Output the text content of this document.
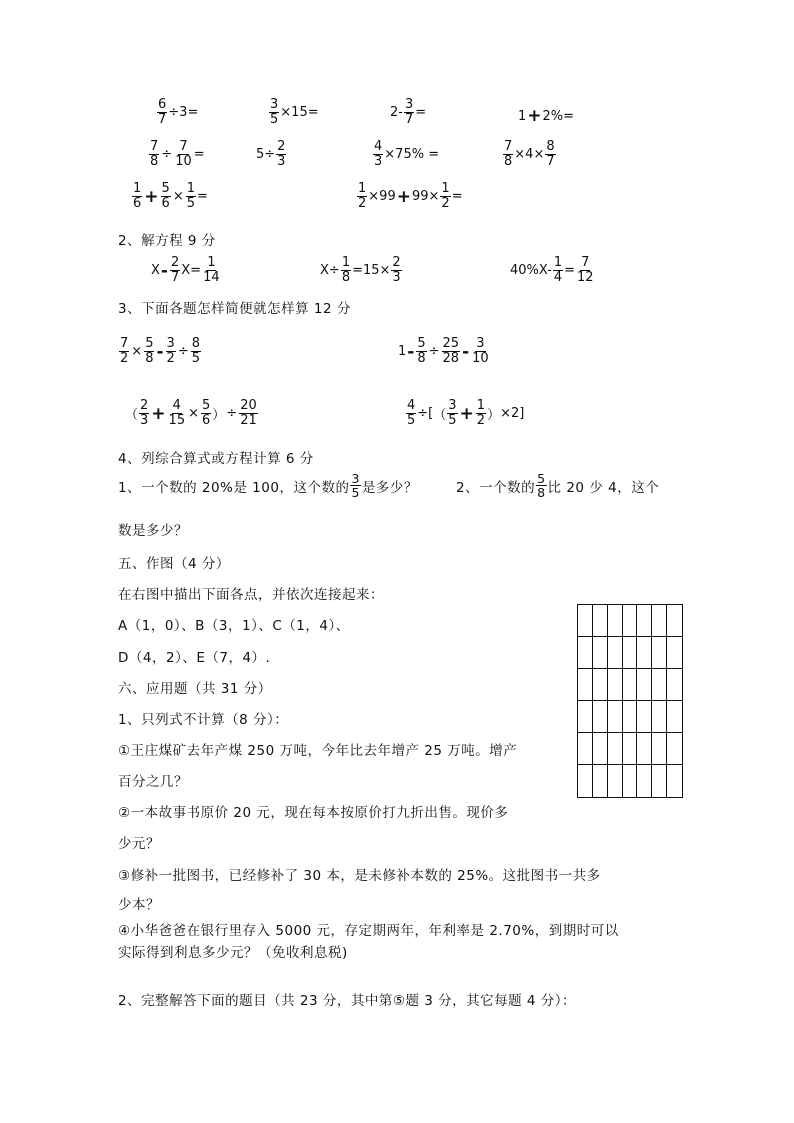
$\frac{6}{7} \div 3=$	$\frac{3}{5} \times 15=$	$2- \frac{3}{7}$ =	1 + 2%=
$\frac{7}{8} \div \frac{7}{10}$ =	$5\div \frac{2}{3}$	$\frac{4}{3} \times 75\%$ =	$\frac{7}{8} \times 4\times \frac{8}{7}$
$\frac{1}{6} + \frac{5}{6} \times \frac{1}{5}$ =	$\frac{1}{2} \times 99 + 99\times \frac{1}{2}$ =
2、解方程 9 分
$X - \frac{2}{7} X= \frac{1}{14}$	$X\div \frac{1}{8} =15\times \frac{2}{3}$	$40\%X- \frac{1}{4} = \frac{7}{12}$
3、下面各题怎样简便就怎样算 12 分
$\frac{7}{2} \times \frac{5}{8} - \frac{3}{2} \div \frac{8}{5}$	$1 - \frac{5}{8} \div \frac{25}{28} - \frac{3}{10}$
（ $\frac{2}{3} + \frac{4}{15} \times \frac{5}{6}$ ） ÷ $\frac{20}{21}$	$\frac{4}{5}$ ÷[ （ $\frac{3}{5} + \frac{1}{2}$ ） ×2]
4、列综合算式或方程计算 6 分
1、一个数的 20%是 100，这个数的 $\frac{3}{5}$ 是多少？	2、一个数的 $\frac{5}{8}$ 比 20 少 4，这个
数是多少？
五、作图（4 分）
在右图中描出下面各点，并依次连接起来：
A（1，0）、B（3，1）、C（1，4）、
D（4，2）、E（7，4）.
六、应用题（共 31 分）
1、只列式不计算（8 分）：
①王庄煤矿去年产煤 250 万吨，今年比去年增产 25 万吨。增产
百分之几？
②一本故事书原价 20 元，现在每本按原价打九折出售。现价多
少元？
③修补一批图书，已经修补了 30 本，是未修补本数的 25%。这批图书一共多
少本？
④小华爸爸在银行里存入 5000 元，存定期两年，年利率是 2.70%，到期时可以
实际得到利息多少元？（免收利息税)
2、完整解答下面的题目（共 23 分，其中第⑤题 3 分，其它每题 4 分）：
